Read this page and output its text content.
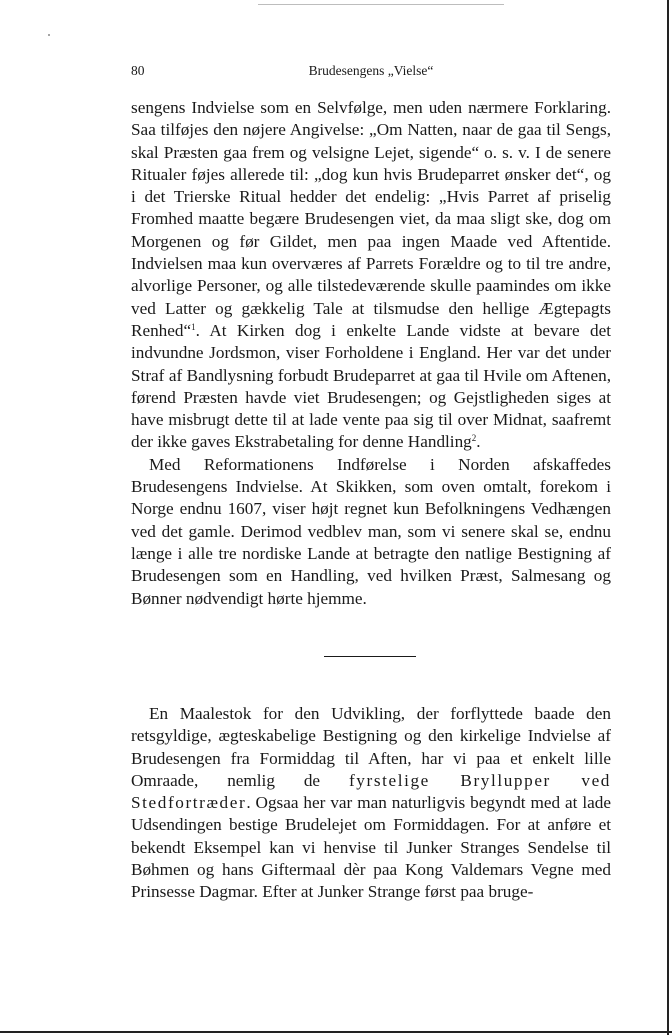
80	Brudesengens „Vielse“

sengens Indvielse som en Selvfølge, men uden nærmere Forklaring. Saa tilføjes den nøjere Angivelse: „Om Natten, naar de gaa til Sengs, skal Præsten gaa frem og velsigne Lejet, sigende“ o. s. v. I de senere Ritualer føjes allerede til: „dog kun hvis Brudeparret ønsker det“, og i det Trierske Ritual hedder det endelig: „Hvis Parret af priselig Fromhed maatte begære Brudesengen viet, da maa sligt ske, dog om Morgenen og før Gildet, men paa ingen Maade ved Aftentide. Indvielsen maa kun overværes af Parrets Forældre og to til tre andre, alvorlige Personer, og alle tilstedeværende skulle paamindes om ikke ved Latter og gækkelig Tale at tilsmudse den hellige Ægtepagts Renhed“$^1$. At Kirken dog i enkelte Lande vidste at bevare det indvundne Jordsmon, viser Forholdene i England. Her var det under Straf af Bandlysning forbudt Brudeparret at gaa til Hvile om Aftenen, førend Præsten havde viet Brudesengen; og Gejstligheden siges at have misbrugt dette til at lade vente paa sig til over Midnat, saafremt der ikke gaves Ekstrabetaling for denne Handling$^2$.

Med Reformationens Indførelse i Norden afskaffedes Brudesengens Indvielse. At Skikken, som oven omtalt, forekom i Norge endnu 1607, viser højt regnet kun Befolkningens Vedhængen ved det gamle. Derimod vedblev man, som vi senere skal se, endnu længe i alle tre nordiske Lande at betragte den natlige Bestigning af Brudesengen som en Handling, ved hvilken Præst, Salmesang og Bønner nødvendigt hørte hjemme.

En Maalestok for den Udvikling, der forflyttede baade den retsgyldige, ægteskabelige Bestigning og den kirkelige Indvielse af Brudesengen fra Formiddag til Aften, har vi paa et enkelt lille Omraade, nemlig de fyrstelige Bryllupper ved Stedfortræder. Ogsaa her var man naturligvis begyndt med at lade Udsendingen bestige Brudelejet om Formiddagen. For at anføre et bekendt Eksempel kan vi henvise til Junker Stranges Sendelse til Bøhmen og hans Giftermaal dèr paa Kong Valdemars Vegne med Prinsesse Dagmar. Efter at Junker Strange først paa bruge-
